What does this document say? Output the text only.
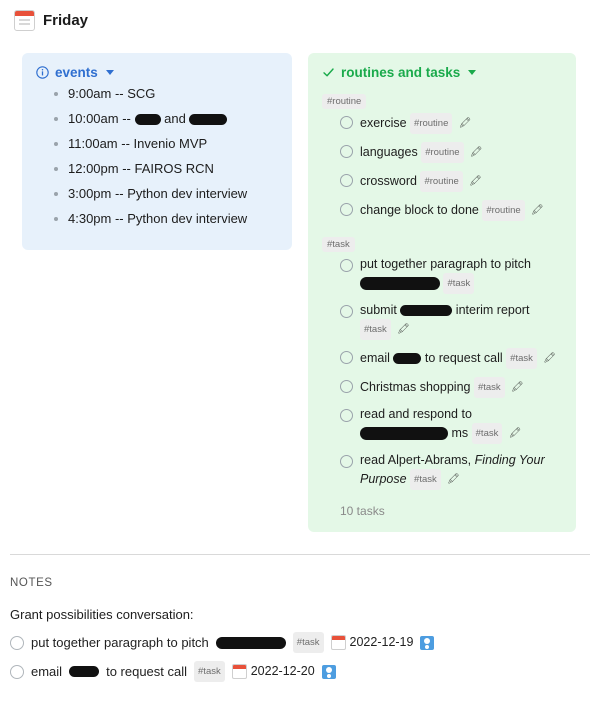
Friday
events
9:00am -- SCG
10:00am --	and
11:00am -- Invenio MVP
12:00pm -- FAIROS RCN
3:00pm -- Python dev interview
4:30pm -- Python dev interview
routines and tasks
#routine
exercise #routine 🖍
languages #routine 🖍
crossword #routine 🖍
change block to done #routine 🖍
#task
put together paragraph to pitch  #task
submit	interim report #task 🖍
email	to request call #task 🖍
Christmas shopping #task 🖍
read and respond to  ms #task 🖍
read Alpert-Abrams, Finding Your Purpose #task 🖍
10 tasks
NOTES
Grant possibilities conversation:
put together paragraph to pitch	#task	2022-12-19
email	to request call	#task	2022-12-20
